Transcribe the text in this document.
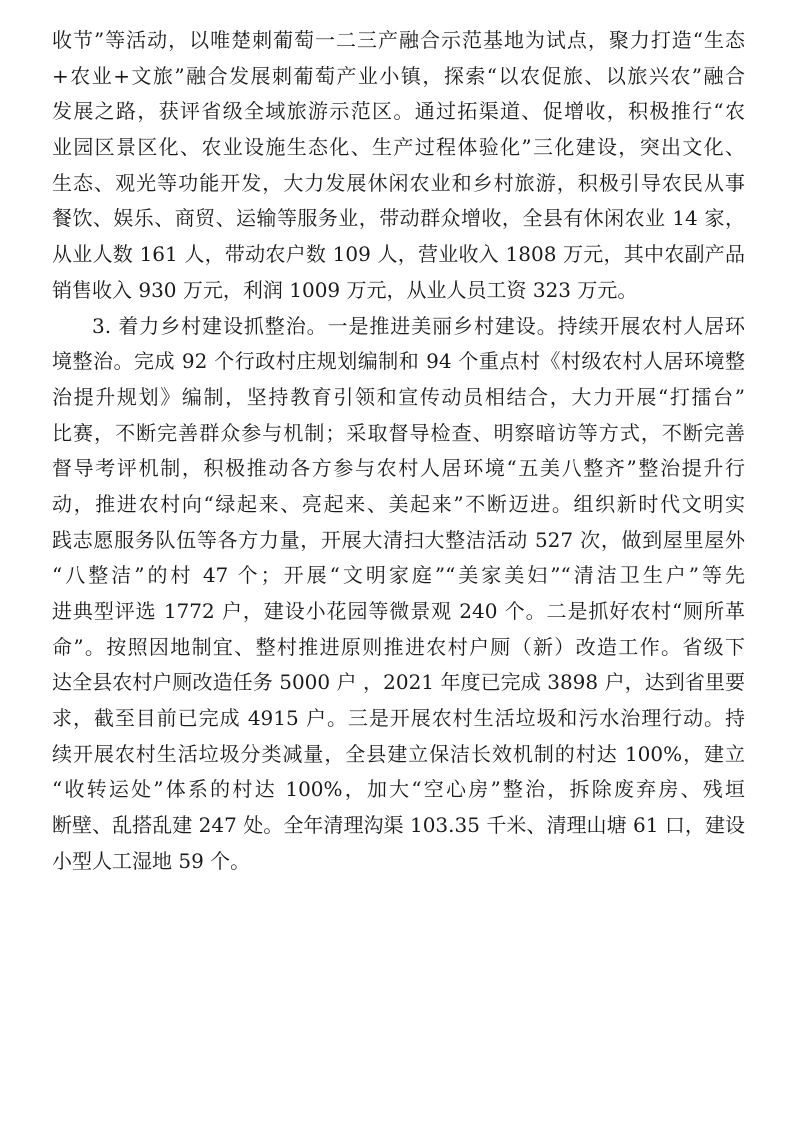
收节”等活动，以唯楚刺葡萄一二三产融合示范基地为试点，聚力打造“生态
+农业+文旅”融合发展刺葡萄产业小镇，探索“以农促旅、以旅兴农”融合
发展之路，获评省级全域旅游示范区。通过拓渠道、促增收，积极推行“农
业园区景区化、农业设施生态化、生产过程体验化”三化建设，突出文化、
生态、观光等功能开发，大力发展休闲农业和乡村旅游，积极引导农民从事
餐饮、娱乐、商贸、运输等服务业，带动群众增收，全县有休闲农业 14 家，
从业人数 161 人，带动农户数 109 人，营业收入 1808 万元，其中农副产品
销售收入 930 万元，利润 1009 万元，从业人员工资 323 万元。
3. 着力乡村建设抓整治。一是推进美丽乡村建设。持续开展农村人居环
境整治。完成 92 个行政村庄规划编制和 94 个重点村《村级农村人居环境整
治提升规划》编制，坚持教育引领和宣传动员相结合，大力开展“打擂台”
比赛，不断完善群众参与机制；采取督导检查、明察暗访等方式，不断完善
督导考评机制，积极推动各方参与农村人居环境“五美八整齐”整治提升行
动，推进农村向“绿起来、亮起来、美起来”不断迈进。组织新时代文明实
践志愿服务队伍等各方力量，开展大清扫大整洁活动 527 次，做到屋里屋外
“八整洁”的村 47 个；开展“文明家庭”“美家美妇”“清洁卫生户”等先
进典型评选 1772 户，建设小花园等微景观 240 个。二是抓好农村“厕所革
命”。按照因地制宜、整村推进原则推进农村户厕（新）改造工作。省级下
达全县农村户厕改造任务 5000 户 ，2021 年度已完成 3898 户，达到省里要
求，截至目前已完成 4915 户。三是开展农村生活垃圾和污水治理行动。持
续开展农村生活垃圾分类减量，全县建立保洁长效机制的村达 100%，建立
“收转运处”体系的村达 100%，加大“空心房”整治，拆除废弃房、残垣
断壁、乱搭乱建 247 处。全年清理沟渠 103.35 千米、清理山塘 61 口，建设
小型人工湿地 59 个。
